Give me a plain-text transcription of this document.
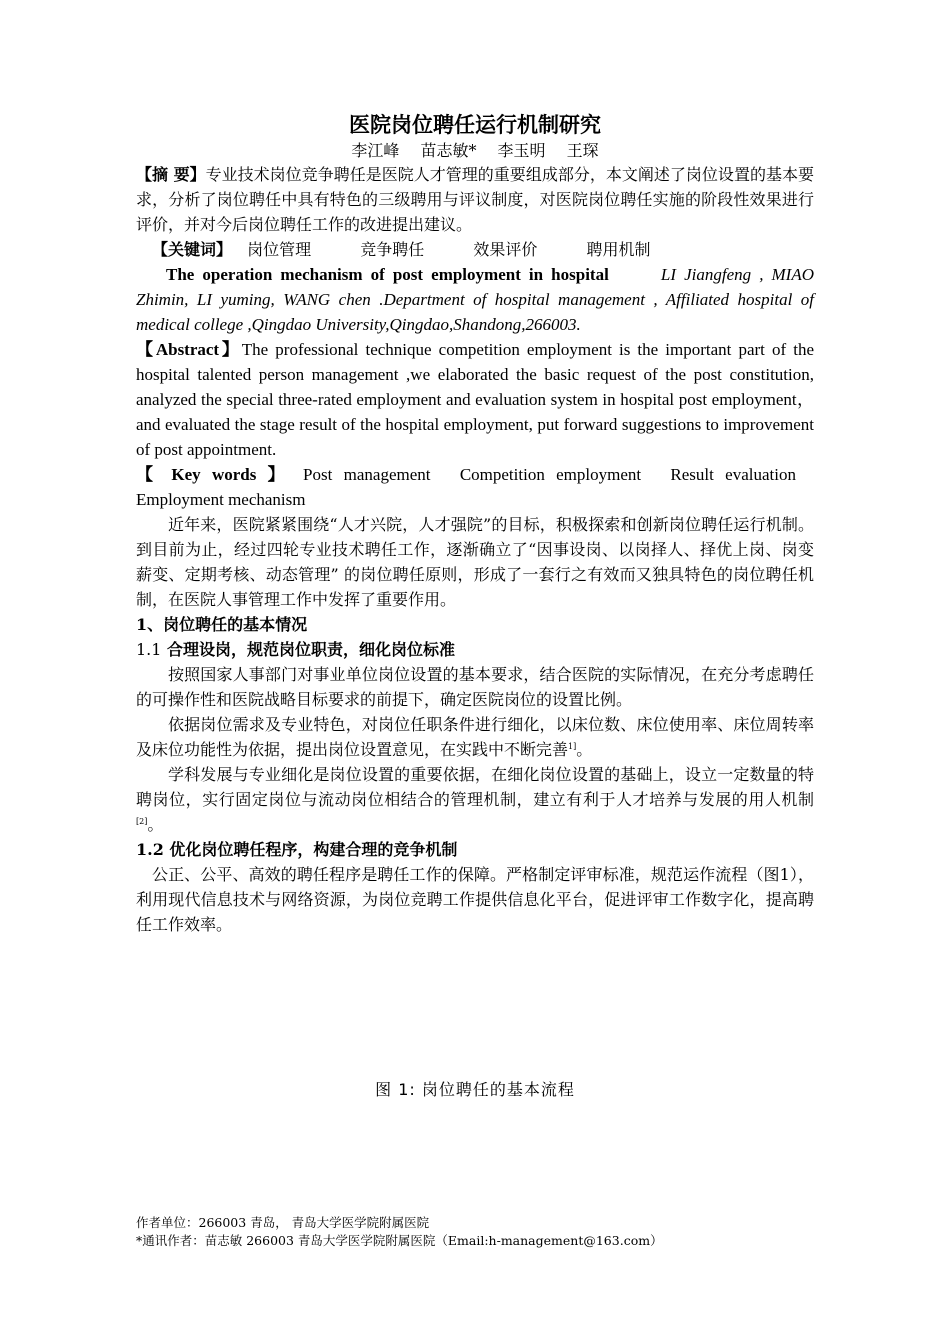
医院岗位聘任运行机制研究

李江峰 苗志敏* 李玉明 王琛

【摘 要】专业技术岗位竞争聘任是医院人才管理的重要组成部分，本文阐述了岗位设置的基本要求，分析了岗位聘任中具有特色的三级聘用与评议制度，对医院岗位聘任实施的阶段性效果进行评价，并对今后岗位聘任工作的改进提出建议。

【关键词】 岗位管理	竞争聘任	效果评价	聘用机制

The operation mechanism of post employment in hospital	LI Jiangfeng , MIAO Zhimin, LI yuming, WANG chen .Department of hospital management , Affiliated hospital of medical college ,Qingdao University,Qingdao,Shandong,266003.

【Abstract】The professional technique competition employment is the important part of the hospital talented person management ,we elaborated the basic request of the post constitution, analyzed the special three-rated employment and evaluation system in hospital post employment，and evaluated the stage result of the hospital employment, put forward suggestions to improvement of post appointment.

【 Key words 】 Post management Competition employment Result evaluation Employment mechanism

近年来，医院紧紧围绕“人才兴院，人才强院”的目标，积极探索和创新岗位聘任运行机制。到目前为止，经过四轮专业技术聘任工作，逐渐确立了“因事设岗、以岗择人、择优上岗、岗变薪变、定期考核、动态管理” 的岗位聘任原则，形成了一套行之有效而又独具特色的岗位聘任机制，在医院人事管理工作中发挥了重要作用。

1、岗位聘任的基本情况
1.1 合理设岗，规范岗位职责，细化岗位标准

按照国家人事部门对事业单位岗位设置的基本要求，结合医院的实际情况，在充分考虑聘任的可操作性和医院战略目标要求的前提下，确定医院岗位的设置比例。

依据岗位需求及专业特色，对岗位任职条件进行细化，以床位数、床位使用率、床位周转率及床位功能性为依据，提出岗位设置意见，在实践中不断完善$^{1]}$。

学科发展与专业细化是岗位设置的重要依据，在细化岗位设置的基础上，设立一定数量的特聘岗位，实行固定岗位与流动岗位相结合的管理机制，建立有利于人才培养与发展的用人机制[2]。

1.2 优化岗位聘任程序，构建合理的竞争机制

公正、公平、高效的聘任程序是聘任工作的保障。严格制定评审标准，规范运作流程（图1），利用现代信息技术与网络资源，为岗位竞聘工作提供信息化平台，促进评审工作数字化，提高聘任工作效率。

图 1: 岗位聘任的基本流程
作者单位：266003 青岛， 青岛大学医学院附属医院
*通讯作者：苗志敏 266003 青岛大学医学院附属医院（Email:h-management@163.com）
